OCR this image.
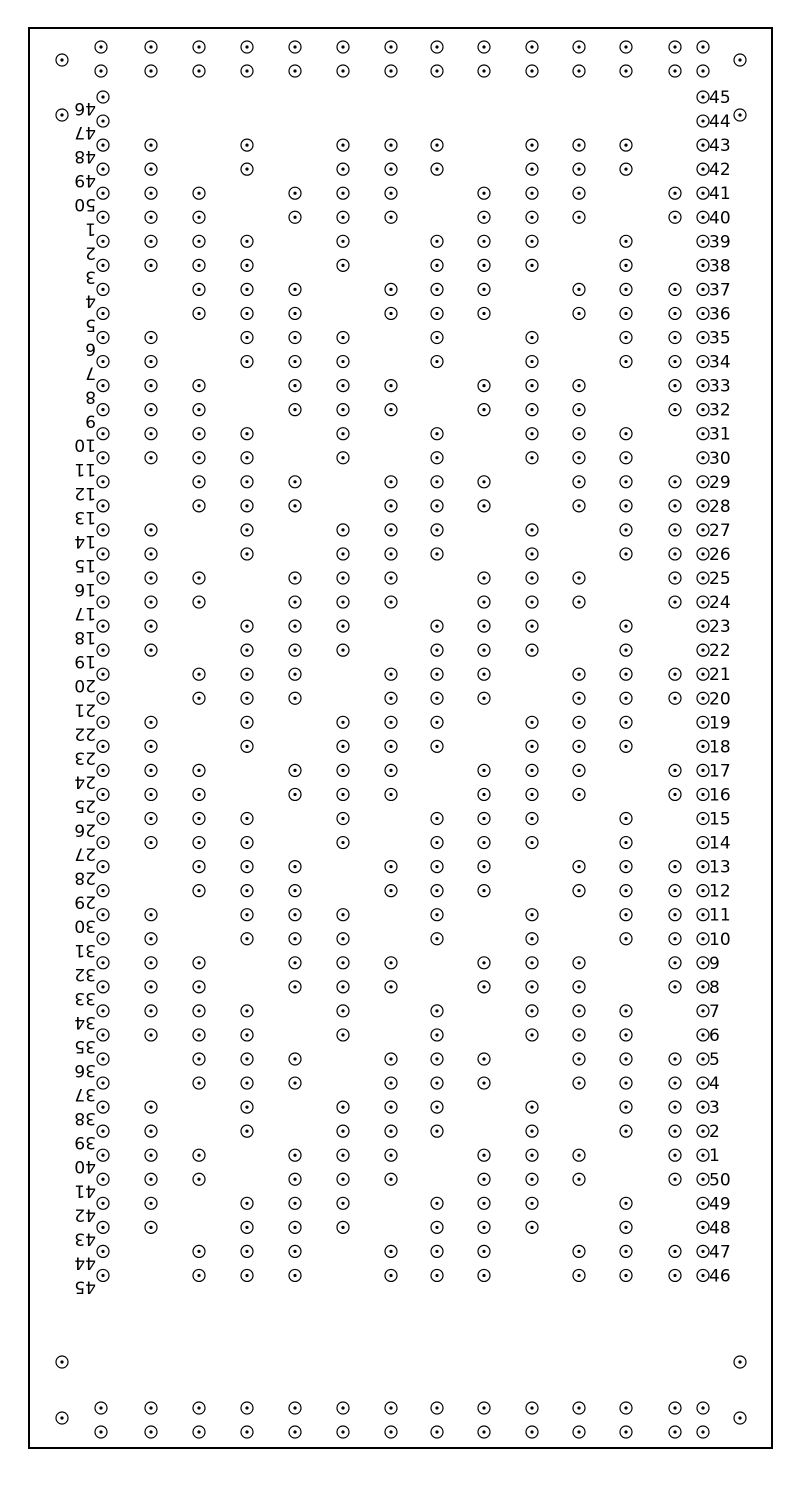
46
47
48
49
50
1
2
3
4
5
6
7
8
9
10
11
12
13
14
15
16
17
18
19
20
21
22
23
24
25
26
27
28
29
30
31
32
33
34
35
36
37
38
39
40
41
42
43
44
45
45
44
43
42
41
40
39
38
37
36
35
34
33
32
31
30
29
28
27
26
25
24
23
22
21
20
19
18
17
16
15
14
13
12
11
10
9
8
7
6
5
4
3
2
1
50
49
48
47
46
